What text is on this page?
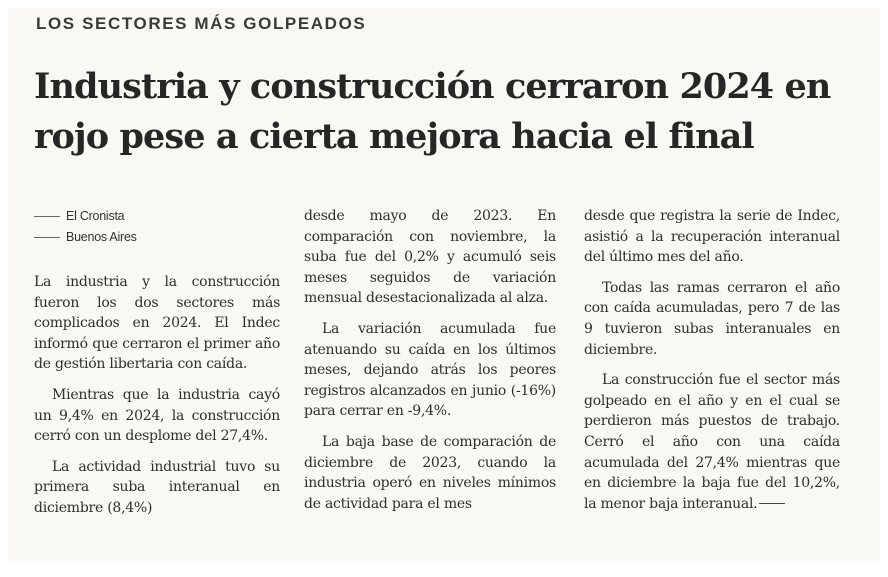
LOS SECTORES MÁS GOLPEADOS
Industria y construcción cerraron 2024 en rojo pese a cierta mejora hacia el final
El Cronista
Buenos Aires

La industria y la construcción fueron los dos sectores más complicados en 2024. El Indec informó que cerraron el primer año de gestión libertaria con caída.

Mientras que la industria cayó un 9,4% en 2024, la construcción cerró con un desplome del 27,4%.

La actividad industrial tuvo su primera suba interanual en diciembre (8,4%)

desde mayo de 2023. En comparación con noviembre, la suba fue del 0,2% y acumuló seis meses seguidos de variación mensual desestacionalizada al alza.

La variación acumulada fue atenuando su caída en los últimos meses, dejando atrás los peores registros alcanzados en junio (-16%) para cerrar en -9,4%.

La baja base de comparación de diciembre de 2023, cuando la industria operó en niveles mínimos de actividad para el mes

desde que registra la serie de Indec, asistió a la recuperación interanual del último mes del año.

Todas las ramas cerraron el año con caída acumuladas, pero 7 de las 9 tuvieron subas interanuales en diciembre.

La construcción fue el sector más golpeado en el año y en el cual se perdieron más puestos de trabajo. Cerró el año con una caída acumulada del 27,4% mientras que en diciembre la baja fue del 10,2%, la menor baja interanual.
